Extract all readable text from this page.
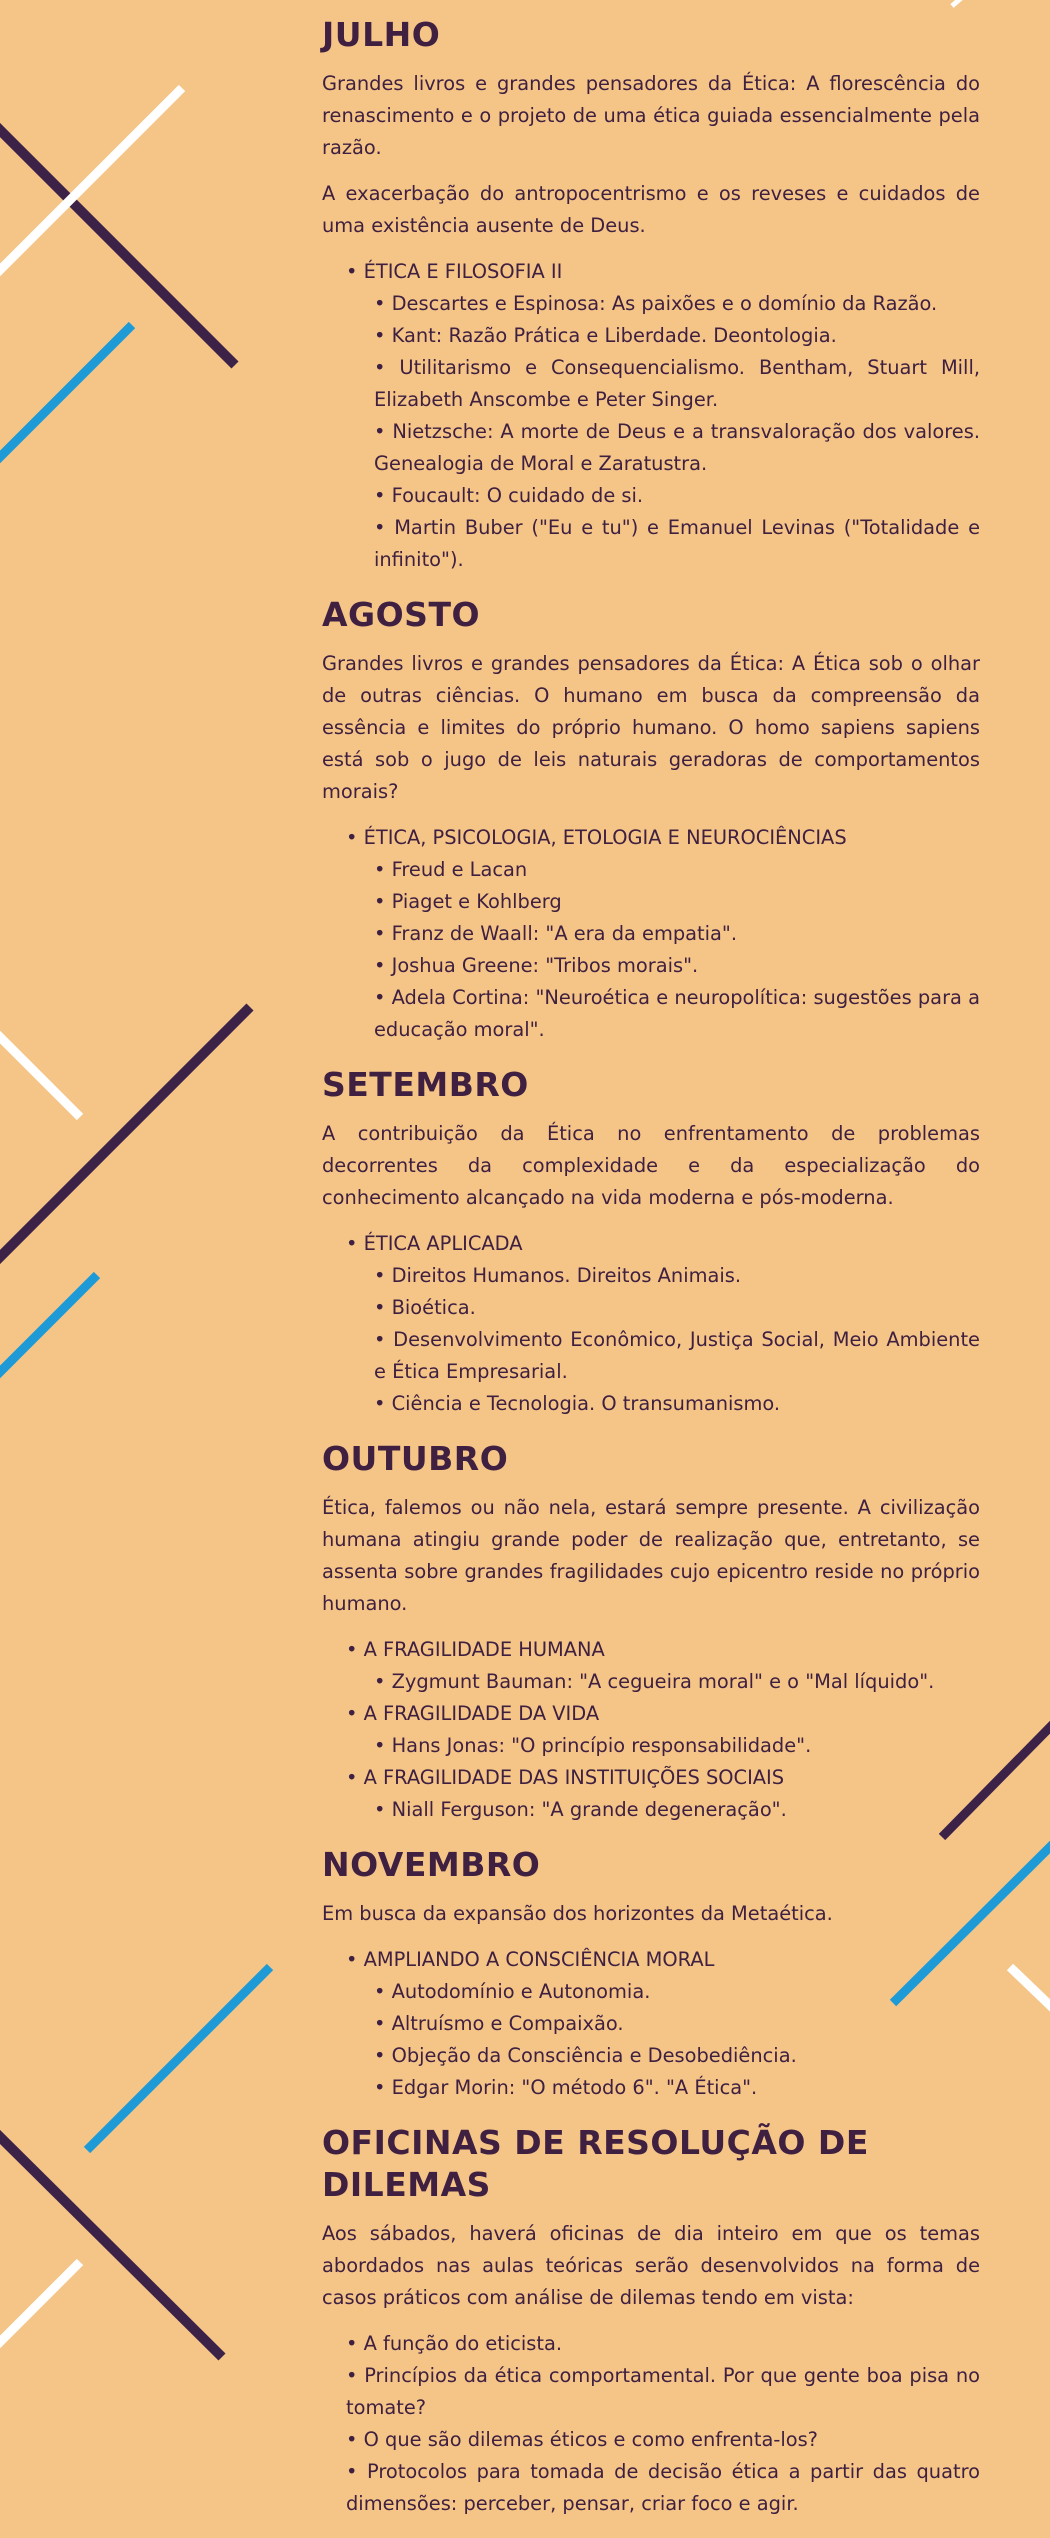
JULHO

Grandes livros e grandes pensadores da Ética: A florescência do renascimento e o projeto de uma ética guiada essencialmente pela razão.

A exacerbação do antropocentrismo e os reveses e cuidados de uma existência ausente de Deus.

• ÉTICA E FILOSOFIA II
• Descartes e Espinosa: As paixões e o domínio da Razão.
• Kant: Razão Prática e Liberdade. Deontologia.
• Utilitarismo e Consequencialismo. Bentham, Stuart Mill, Elizabeth Anscombe e Peter Singer.
• Nietzsche: A morte de Deus e a transvaloração dos valores. Genealogia de Moral e Zaratustra.
• Foucault: O cuidado de si.
• Martin Buber ("Eu e tu") e Emanuel Levinas ("Totalidade e infinito").
AGOSTO

Grandes livros e grandes pensadores da Ética: A Ética sob o olhar de outras ciências. O humano em busca da compreensão da essência e limites do próprio humano. O homo sapiens sapiens está sob o jugo de leis naturais geradoras de comportamentos morais?

• ÉTICA, PSICOLOGIA, ETOLOGIA E NEUROCIÊNCIAS
• Freud e Lacan
• Piaget e Kohlberg
• Franz de Waall: "A era da empatia".
• Joshua Greene: "Tribos morais".
• Adela Cortina: "Neuroética e neuropolítica: sugestões para a educação moral".
SETEMBRO

A contribuição da Ética no enfrentamento de problemas decorrentes da complexidade e da especialização do conhecimento alcançado na vida moderna e pós-moderna.

• ÉTICA APLICADA
• Direitos Humanos. Direitos Animais.
• Bioética.
• Desenvolvimento Econômico, Justiça Social, Meio Ambiente e Ética Empresarial.
• Ciência e Tecnologia. O transumanismo.
OUTUBRO

Ética, falemos ou não nela, estará sempre presente. A civilização humana atingiu grande poder de realização que, entretanto, se assenta sobre grandes fragilidades cujo epicentro reside no próprio humano.

• A FRAGILIDADE HUMANA
• Zygmunt Bauman: "A cegueira moral" e o "Mal líquido".
• A FRAGILIDADE DA VIDA
• Hans Jonas: "O princípio responsabilidade".
• A FRAGILIDADE DAS INSTITUIÇÕES SOCIAIS
• Niall Ferguson: "A grande degeneração".
NOVEMBRO

Em busca da expansão dos horizontes da Metaética.

• AMPLIANDO A CONSCIÊNCIA MORAL
• Autodomínio e Autonomia.
• Altruísmo e Compaixão.
• Objeção da Consciência e Desobediência.
• Edgar Morin: "O método 6". "A Ética".
OFICINAS DE RESOLUÇÃO DE DILEMAS

Aos sábados, haverá oficinas de dia inteiro em que os temas abordados nas aulas teóricas serão desenvolvidos na forma de casos práticos com análise de dilemas tendo em vista:

• A função do eticista.
• Princípios da ética comportamental. Por que gente boa pisa no tomate?
• O que são dilemas éticos e como enfrenta-los?
• Protocolos para tomada de decisão ética a partir das quatro dimensões: perceber, pensar, criar foco e agir.
